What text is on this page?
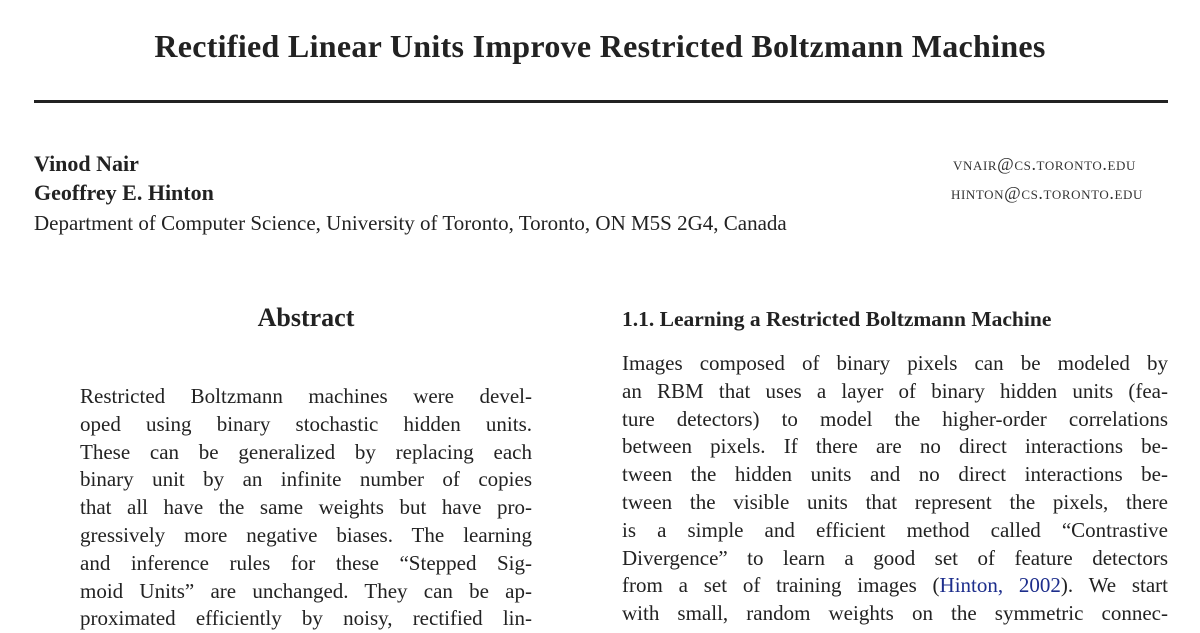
Rectified Linear Units Improve Restricted Boltzmann Machines
Vinod Nair	vnair@cs.toronto.edu
Geoffrey E. Hinton	hinton@cs.toronto.edu
Department of Computer Science, University of Toronto, Toronto, ON M5S 2G4, Canada
Abstract
Restricted Boltzmann machines were devel-
oped using binary stochastic hidden units.
These can be generalized by replacing each
binary unit by an infinite number of copies
that all have the same weights but have pro-
gressively more negative biases. The learning
and inference rules for these “Stepped Sig-
moid Units” are unchanged. They can be ap-
proximated efficiently by noisy, rectified lin-
1.1. Learning a Restricted Boltzmann Machine
Images composed of binary pixels can be modeled by
an RBM that uses a layer of binary hidden units (fea-
ture detectors) to model the higher-order correlations
between pixels. If there are no direct interactions be-
tween the hidden units and no direct interactions be-
tween the visible units that represent the pixels, there
is a simple and efficient method called “Contrastive
Divergence” to learn a good set of feature detectors
from a set of training images (Hinton, 2002). We start
with small, random weights on the symmetric connec-
